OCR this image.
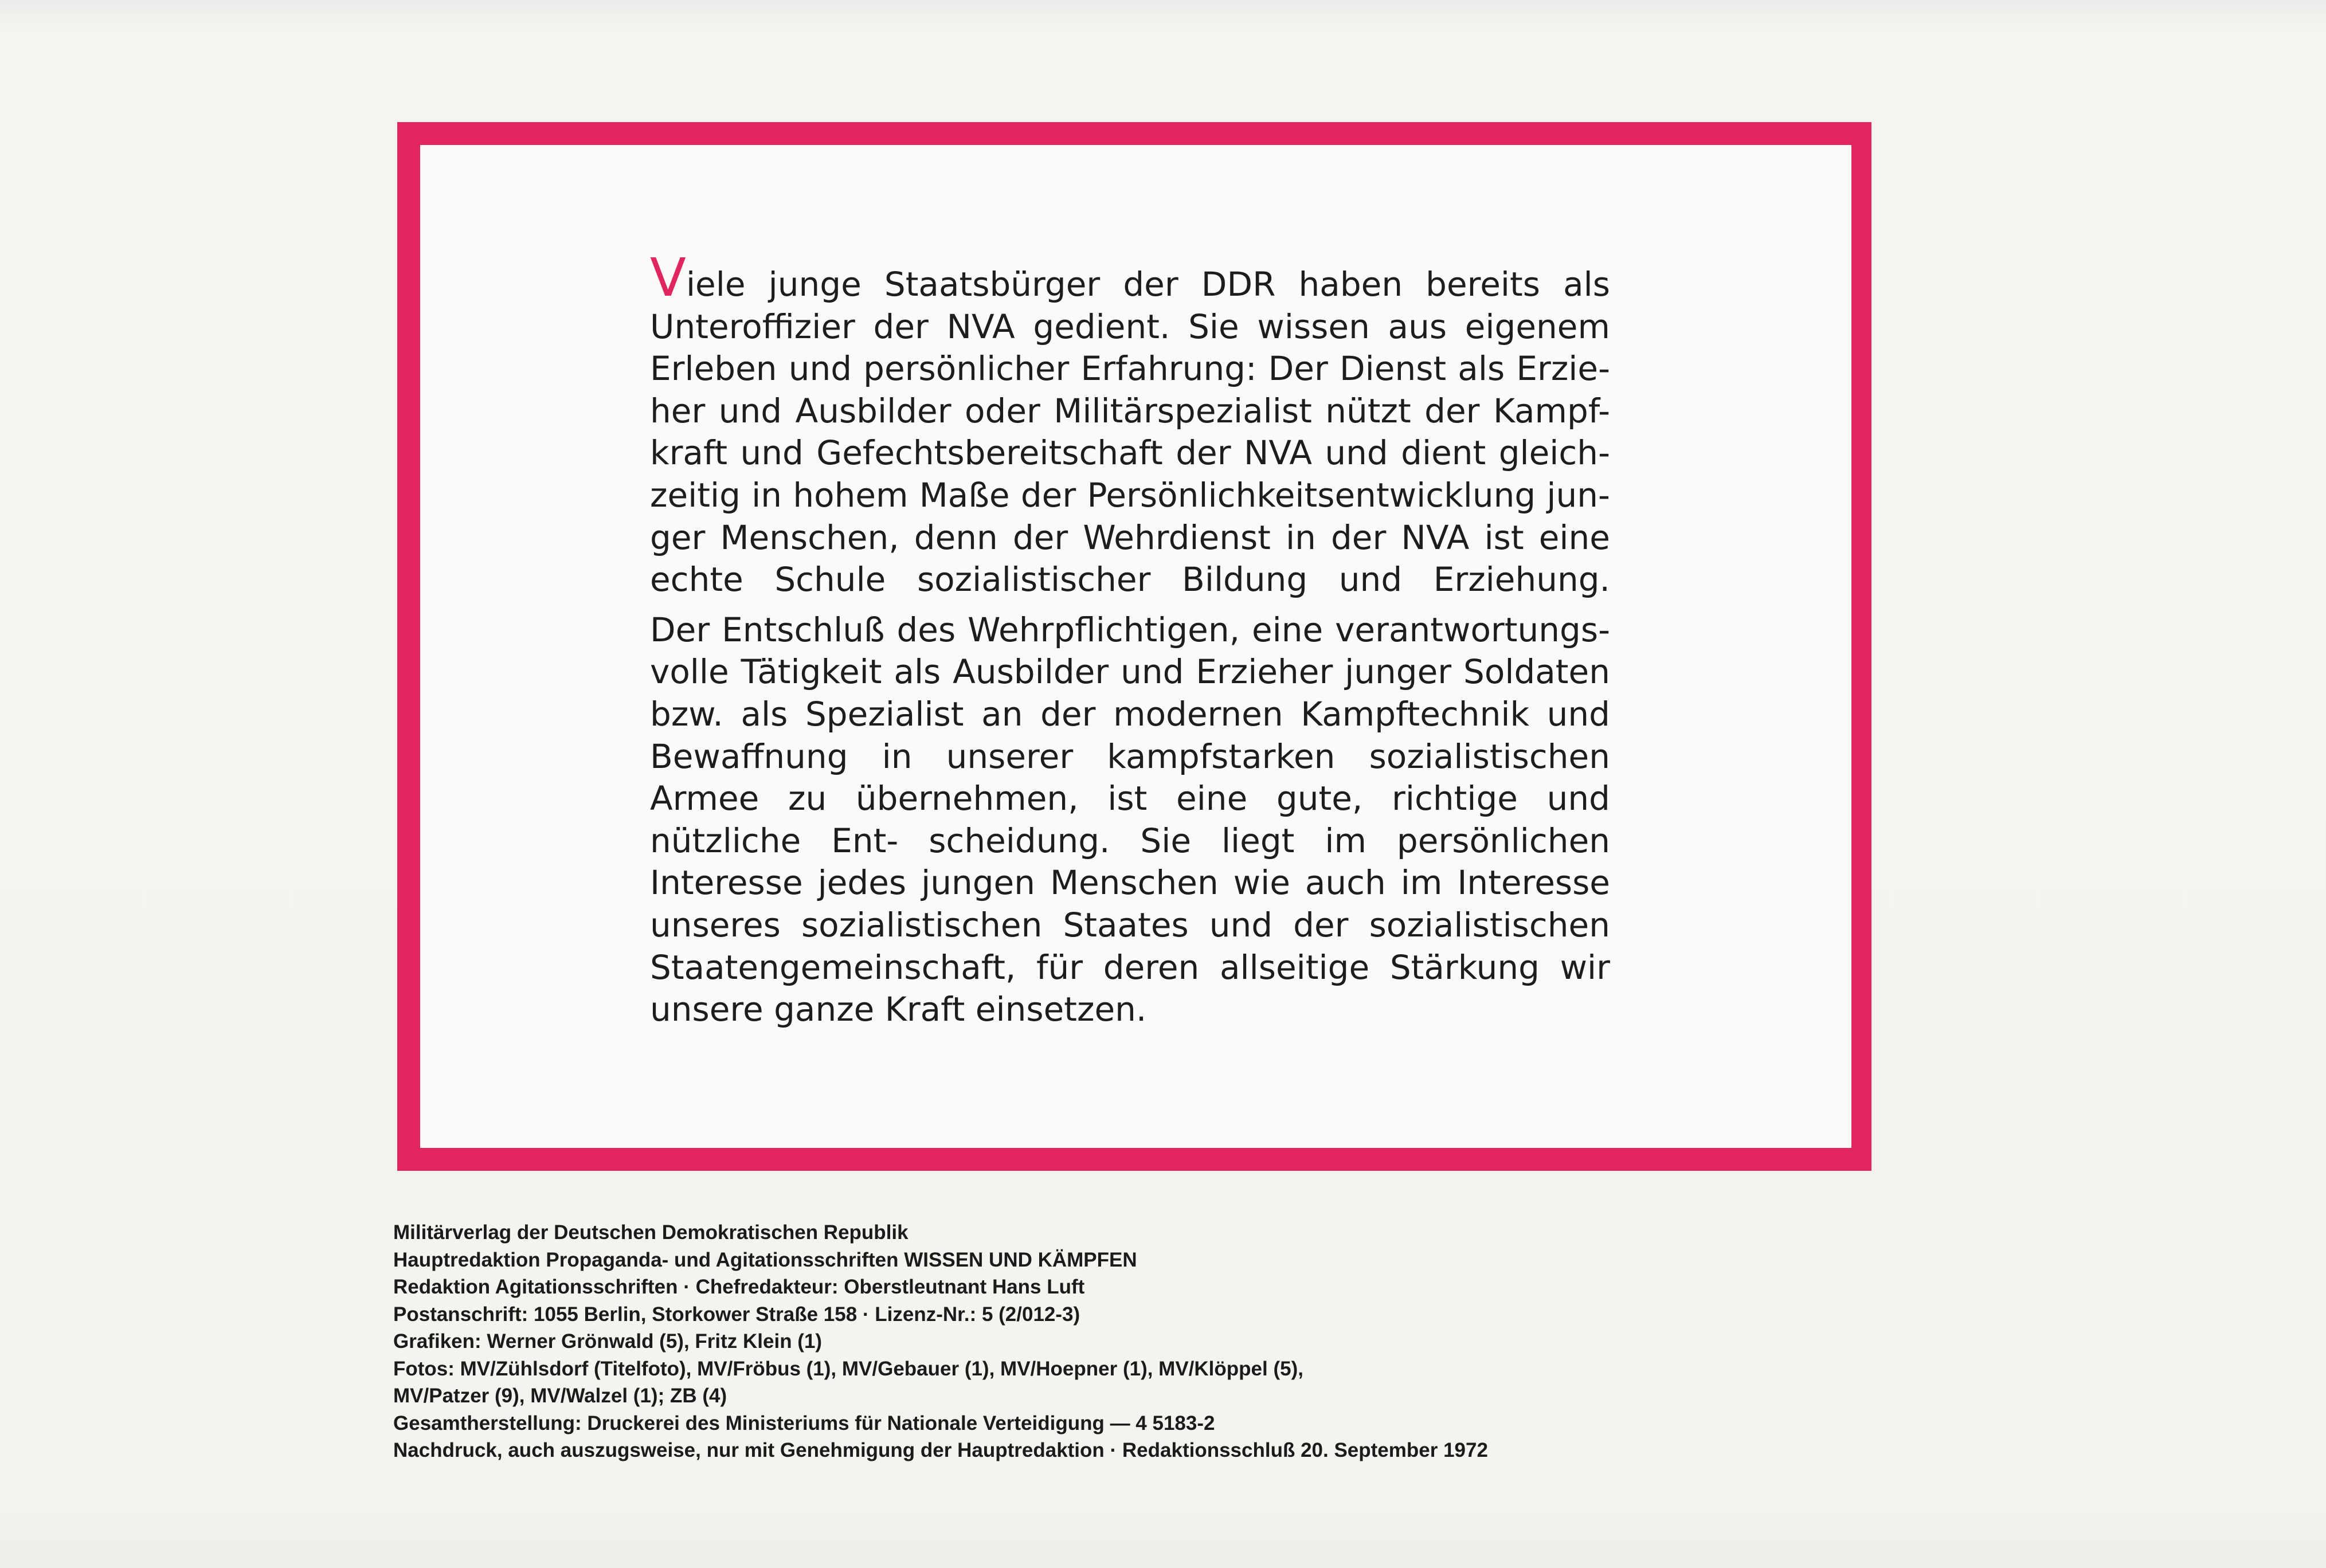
Viele junge Staatsbürger der DDR haben bereits als Unteroffizier der NVA gedient. Sie wissen aus eigenem Erleben und persönlicher Erfahrung: Der Dienst als Erzie- her und Ausbilder oder Militärspezialist nützt der Kampf- kraft und Gefechtsbereitschaft der NVA und dient gleich- zeitig in hohem Maße der Persönlichkeitsentwicklung jun- ger Menschen, denn der Wehrdienst in der NVA ist eine echte Schule sozialistischer Bildung und Erziehung.

Der Entschluß des Wehrpflichtigen, eine verantwortungs- volle Tätigkeit als Ausbilder und Erzieher junger Soldaten bzw. als Spezialist an der modernen Kampftechnik und Bewaffnung in unserer kampfstarken sozialistischen Armee zu übernehmen, ist eine gute, richtige und nützliche Ent- scheidung. Sie liegt im persönlichen Interesse jedes jungen Menschen wie auch im Interesse unseres sozialistischen Staates und der sozialistischen Staatengemeinschaft, für deren allseitige Stärkung wir unsere ganze Kraft einsetzen.

Militärverlag der Deutschen Demokratischen Republik
Hauptredaktion Propaganda- und Agitationsschriften WISSEN UND KÄMPFEN
Redaktion Agitationsschriften · Chefredakteur: Oberstleutnant Hans Luft
Postanschrift: 1055 Berlin, Storkower Straße 158 · Lizenz-Nr.: 5 (2/012-3)
Grafiken: Werner Grönwald (5), Fritz Klein (1)
Fotos: MV/Zühlsdorf (Titelfoto), MV/Fröbus (1), MV/Gebauer (1), MV/Hoepner (1), MV/Klöppel (5),
MV/Patzer (9), MV/Walzel (1); ZB (4)
Gesamtherstellung: Druckerei des Ministeriums für Nationale Verteidigung — 4 5183-2
Nachdruck, auch auszugsweise, nur mit Genehmigung der Hauptredaktion · Redaktionsschluß 20. September 1972
